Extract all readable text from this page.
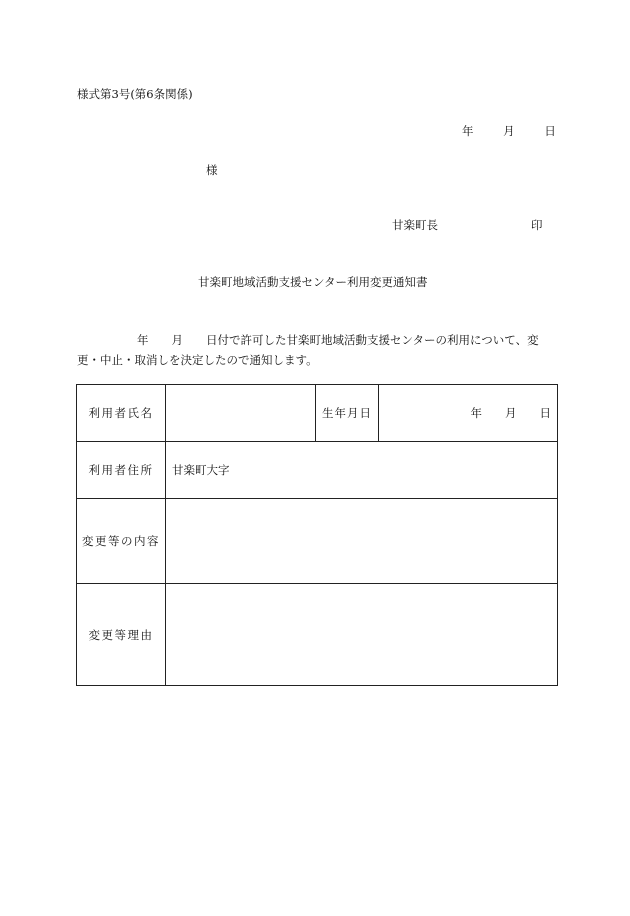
様式第3号(第6条関係)
年	月	日
様
甘楽町長	印
甘楽町地域活動支援センター利用変更通知書
年　　月　　日付で許可した甘楽町地域活動支援センターの利用について、変
更・中止・取消しを決定したので通知します。
利用者氏名		生年月日	年　　月　　日
利用者住所	甘楽町大字		
変更等の内容			
変更等理由			
